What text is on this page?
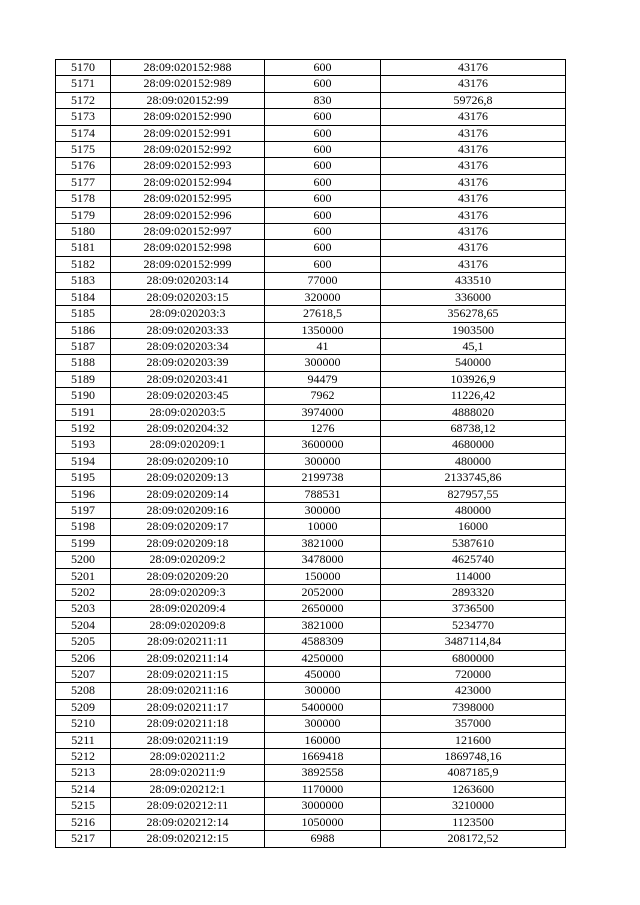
5170	28:09:020152:988	600	43176
5171	28:09:020152:989	600	43176
5172	28:09:020152:99	830	59726,8
5173	28:09:020152:990	600	43176
5174	28:09:020152:991	600	43176
5175	28:09:020152:992	600	43176
5176	28:09:020152:993	600	43176
5177	28:09:020152:994	600	43176
5178	28:09:020152:995	600	43176
5179	28:09:020152:996	600	43176
5180	28:09:020152:997	600	43176
5181	28:09:020152:998	600	43176
5182	28:09:020152:999	600	43176
5183	28:09:020203:14	77000	433510
5184	28:09:020203:15	320000	336000
5185	28:09:020203:3	27618,5	356278,65
5186	28:09:020203:33	1350000	1903500
5187	28:09:020203:34	41	45,1
5188	28:09:020203:39	300000	540000
5189	28:09:020203:41	94479	103926,9
5190	28:09:020203:45	7962	11226,42
5191	28:09:020203:5	3974000	4888020
5192	28:09:020204:32	1276	68738,12
5193	28:09:020209:1	3600000	4680000
5194	28:09:020209:10	300000	480000
5195	28:09:020209:13	2199738	2133745,86
5196	28:09:020209:14	788531	827957,55
5197	28:09:020209:16	300000	480000
5198	28:09:020209:17	10000	16000
5199	28:09:020209:18	3821000	5387610
5200	28:09:020209:2	3478000	4625740
5201	28:09:020209:20	150000	114000
5202	28:09:020209:3	2052000	2893320
5203	28:09:020209:4	2650000	3736500
5204	28:09:020209:8	3821000	5234770
5205	28:09:020211:11	4588309	3487114,84
5206	28:09:020211:14	4250000	6800000
5207	28:09:020211:15	450000	720000
5208	28:09:020211:16	300000	423000
5209	28:09:020211:17	5400000	7398000
5210	28:09:020211:18	300000	357000
5211	28:09:020211:19	160000	121600
5212	28:09:020211:2	1669418	1869748,16
5213	28:09:020211:9	3892558	4087185,9
5214	28:09:020212:1	1170000	1263600
5215	28:09:020212:11	3000000	3210000
5216	28:09:020212:14	1050000	1123500
5217	28:09:020212:15	6988	208172,52
